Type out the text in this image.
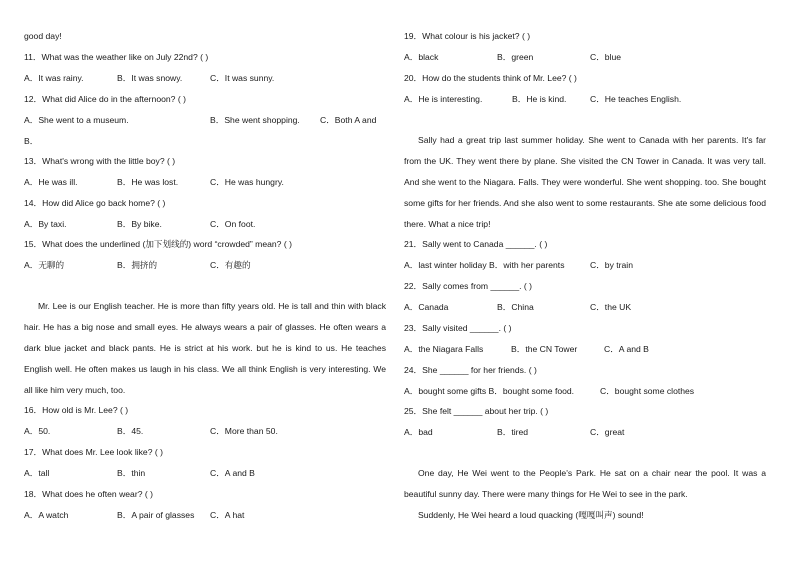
good day!
11．What was the weather like on July 22nd? ( )
A．It was rainy.	B．It was snowy.	C．It was sunny.
12．What did Alice do in the afternoon? ( )
A．She went to a museum.	B．She went shopping. C．Both A and
B．
13．What's wrong with the little boy? ( )
A．He was ill.	B．He was lost.	C．He was hungry.
14．How did Alice go back home? ( )
A．By taxi.	B．By bike.	C．On foot.
15．What does the underlined (加下划线的) word “crowded” mean? ( )
A．无聊的	B．拥挤的	C．有趣的
Mr. Lee is our English teacher. He is more than fifty years old. He is tall and thin with black hair. He has a big nose and small eyes. He always wears a pair of glasses. He often wears a dark blue jacket and black pants. He is strict at his work. but he is kind to us. He teaches English well. He often makes us laugh in his class. We all think English is very interesting. We all like him very much, too.
16．How old is Mr. Lee? ( )
A．50.	B．45.	C．More than 50.
17．What does Mr. Lee look like? ( )
A．tall	B．thin	C．A and B
18．What does he often wear? ( )
A．A watch	B．A pair of glasses C．A hat
19．What colour is his jacket? ( )
A．black	B．green	C．blue
20．How do the students think of Mr. Lee? ( )
A．He is interesting.	B．He is kind.	C．He teaches English.
Sally had a great trip last summer holiday. She went to Canada with her parents. It's far from the UK. They went there by plane. She visited the CN Tower in Canada. It was very tall. And she went to the Niagara. Falls. They were wonderful. She went shopping. too. She bought some gifts for her friends. And she also went to some restaurants. She ate some delicious food there. What a nice trip!
21．Sally went to Canada ______. ( )
A．last winter holiday B．with her parents	C．by train
22．Sally comes from ______. ( )
A．Canada	B．China	C．the UK
23．Sally visited ______. ( )
A．the Niagara Falls	B．the CN Tower	C．A and B
24．She ______ for her friends. ( )
A．bought some gifts B．bought some food.	C．bought some clothes
25．She felt ______ about her trip. ( )
A．bad	B．tired	C．great
One day, He Wei went to the People's Park. He sat on a chair near the pool. It was a beautiful sunny day. There were many things for He Wei to see in the park.
Suddenly, He Wei heard a loud quacking (嘎嘎叫声) sound!
